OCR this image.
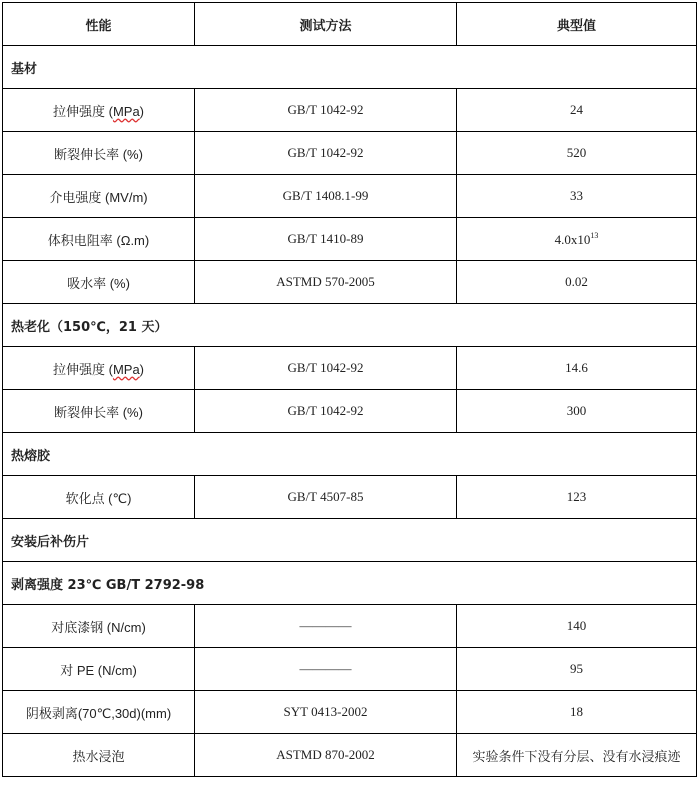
性能	测试方法	典型值
基材		
拉伸强度 (MPa)	GB/T 1042-92	24
断裂伸长率 (%)	GB/T 1042-92	520
介电强度 (MV/m)	GB/T 1408.1-99	33
体积电阻率 (Ω.m)	GB/T 1410-89	$4.0x10^{13}$
吸水率 (%)	ASTMD 570-2005	0.02
热老化（150℃，21 天）		
拉伸强度 (MPa)	GB/T 1042-92	14.6
断裂伸长率 (%)	GB/T 1042-92	300
热熔胶		
软化点 (℃)	GB/T 4507-85	123
安装后补伤片		
剥离强度 23℃ GB/T 2792-98		
对底漆钢 (N/cm)	————	140
对 PE (N/cm)	————	95
阴极剥离(70℃,30d)(mm)	SYT 0413-2002	18
热水浸泡	ASTMD 870-2002	实验条件下没有分层、没有水浸痕迹
